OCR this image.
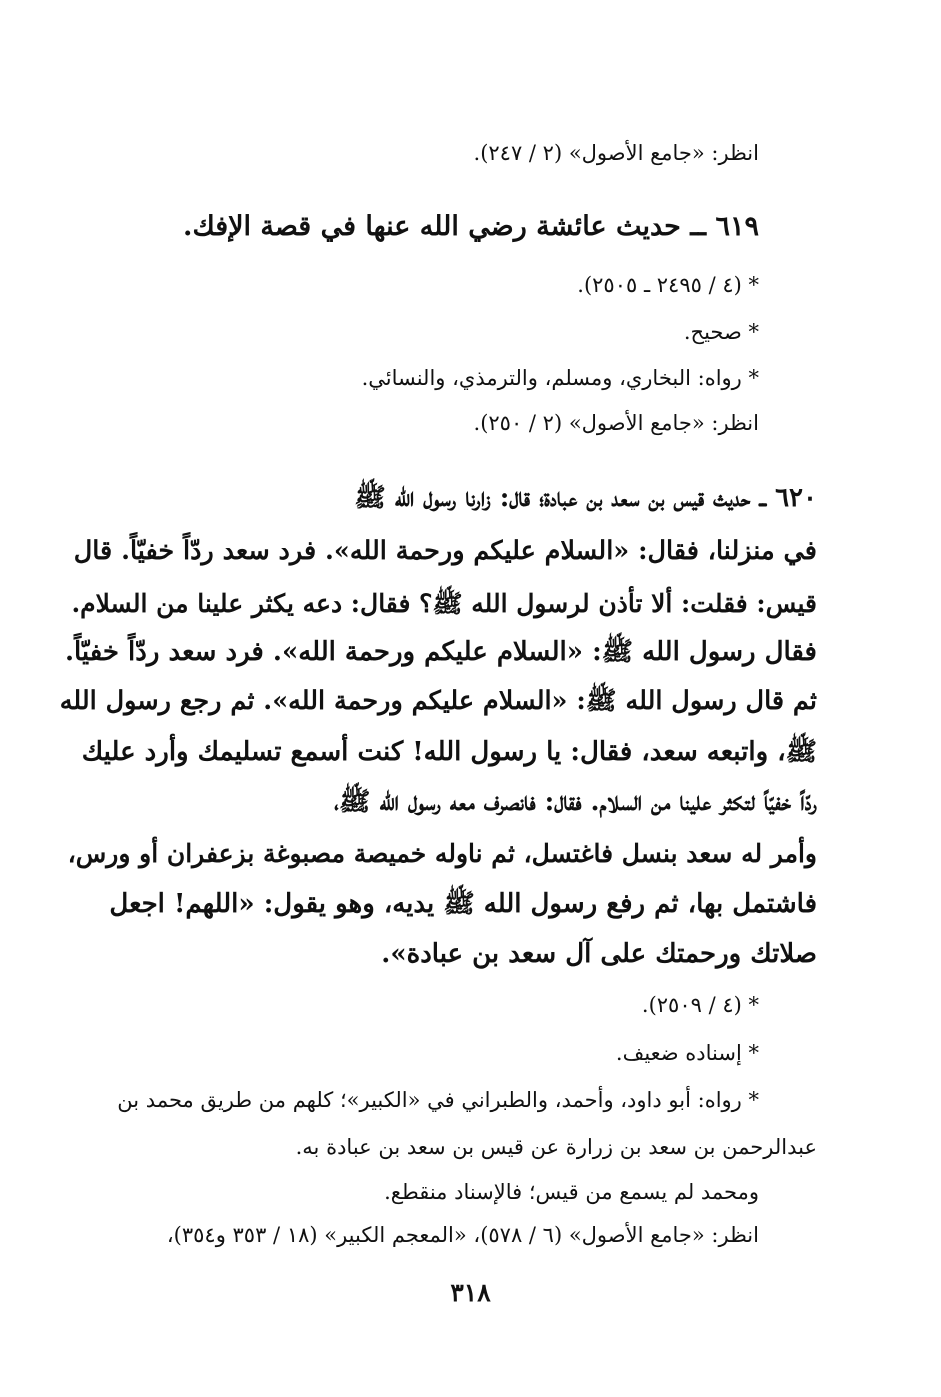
انظر: «جامع الأصول» (٢ / ٢٤٧).

٦١٩ ــ حديث عائشة رضي الله عنها في قصة الإفك.

* (٤ / ٢٤٩٥ ـ ٢٥٠٥).

* صحيح.

* رواه: البخاري، ومسلم، والترمذي، والنسائي.

انظر: «جامع الأصول» (٢ / ٢٥٠).

٦٢٠ ــ حديث قيس بن سعد بن عبادة؛ قال: زارنا رسول الله ﷺ

في منزلنا، فقال: «السلام عليكم ورحمة الله». فرد سعد ردّاً خفيّاً. قال

قيس: فقلت: ألا تأذن لرسول الله ﷺ؟ فقال: دعه يكثر علينا من السلام.

فقال رسول الله ﷺ: «السلام عليكم ورحمة الله». فرد سعد ردّاً خفيّاً.

ثم قال رسول الله ﷺ: «السلام عليكم ورحمة الله». ثم رجع رسول الله

ﷺ، واتبعه سعد، فقال: يا رسول الله! كنت أسمع تسليمك وأرد عليك

ردّاً خفيّاً لتكثر علينا من السلام. فقال: فانصرف معه رسول الله ﷺ،

وأمر له سعد بنسل فاغتسل، ثم ناوله خميصة مصبوغة بزعفران أو ورس،

فاشتمل بها، ثم رفع رسول الله ﷺ يديه، وهو يقول: «اللهم! اجعل

صلاتك ورحمتك على آل سعد بن عبادة».

* (٤ / ٢٥٠٩).

* إسناده ضعيف.

* رواه: أبو داود، وأحمد، والطبراني في «الكبير»؛ كلهم من طريق محمد بن

عبدالرحمن بن سعد بن زرارة عن قيس بن سعد بن عبادة به.

ومحمد لم يسمع من قيس؛ فالإسناد منقطع.

انظر: «جامع الأصول» (٦ / ٥٧٨)، «المعجم الكبير» (١٨ / ٣٥٣ و٣٥٤)،

٣١٨
